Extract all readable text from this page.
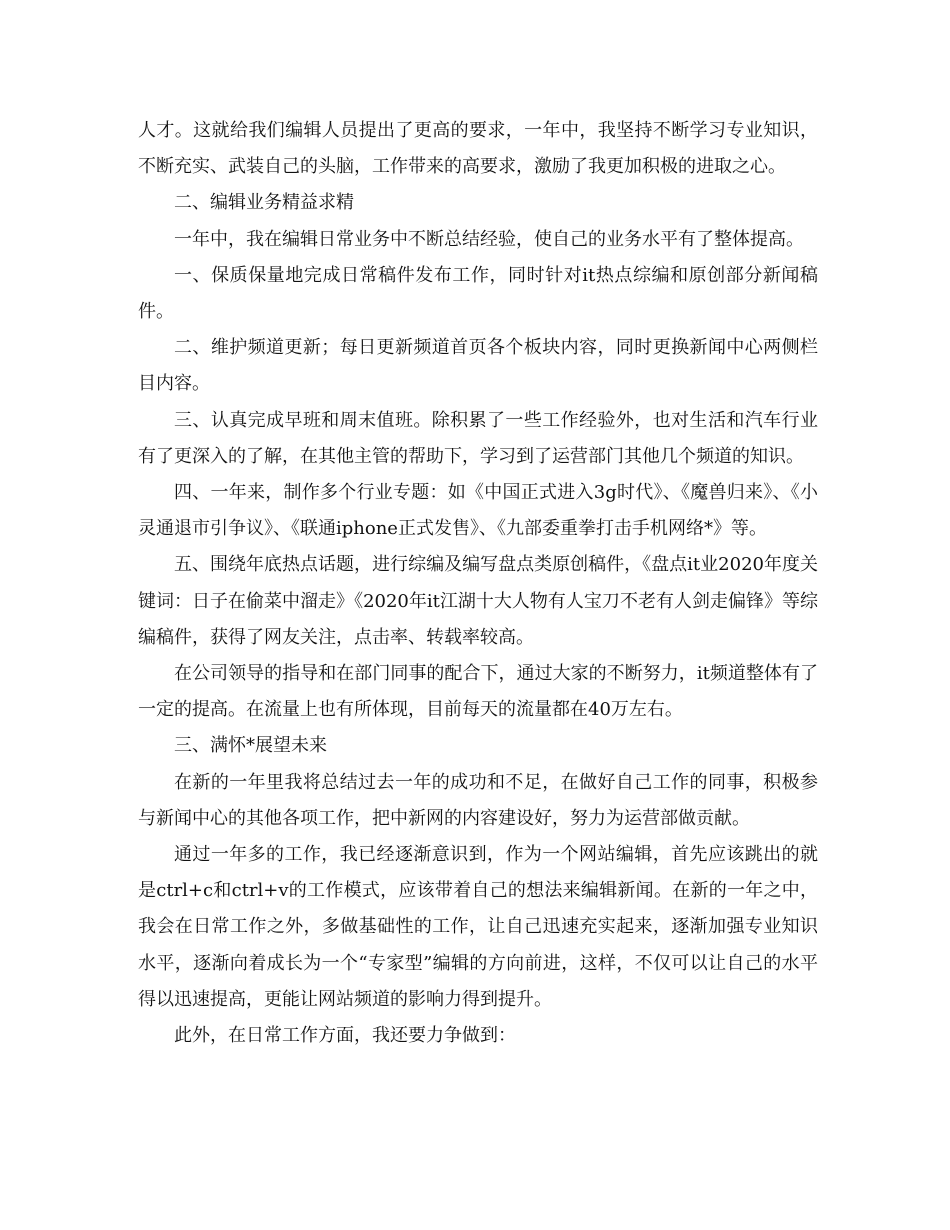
人才。这就给我们编辑人员提出了更高的要求，一年中，我坚持不断学习专业知识，不断充实、武装自己的头脑，工作带来的高要求，激励了我更加积极的进取之心。

二、编辑业务精益求精

一年中，我在编辑日常业务中不断总结经验，使自己的业务水平有了整体提高。

一、保质保量地完成日常稿件发布工作，同时针对it热点综编和原创部分新闻稿件。

二、维护频道更新；每日更新频道首页各个板块内容，同时更换新闻中心两侧栏目内容。

三、认真完成早班和周末值班。除积累了一些工作经验外，也对生活和汽车行业有了更深入的了解，在其他主管的帮助下，学习到了运营部门其他几个频道的知识。

四、一年来，制作多个行业专题：如《中国正式进入3g时代》、《魔兽归来》、《小灵通退市引争议》、《联通iphone正式发售》、《九部委重拳打击手机网络*》等。

五、围绕年底热点话题，进行综编及编写盘点类原创稿件，《盘点it业2020年度关键词：日子在偷菜中溜走》《2020年it江湖十大人物有人宝刀不老有人剑走偏锋》等综编稿件，获得了网友关注，点击率、转载率较高。

在公司领导的指导和在部门同事的配合下，通过大家的不断努力，it频道整体有了一定的提高。在流量上也有所体现，目前每天的流量都在40万左右。

三、满怀*展望未来

在新的一年里我将总结过去一年的成功和不足，在做好自己工作的同事，积极参与新闻中心的其他各项工作，把中新网的内容建设好，努力为运营部做贡献。

通过一年多的工作，我已经逐渐意识到，作为一个网站编辑，首先应该跳出的就是ctrl+c和ctrl+v的工作模式，应该带着自己的想法来编辑新闻。在新的一年之中，我会在日常工作之外，多做基础性的工作，让自己迅速充实起来，逐渐加强专业知识水平，逐渐向着成长为一个“专家型”编辑的方向前进，这样，不仅可以让自己的水平得以迅速提高，更能让网站频道的影响力得到提升。

此外，在日常工作方面，我还要力争做到：
